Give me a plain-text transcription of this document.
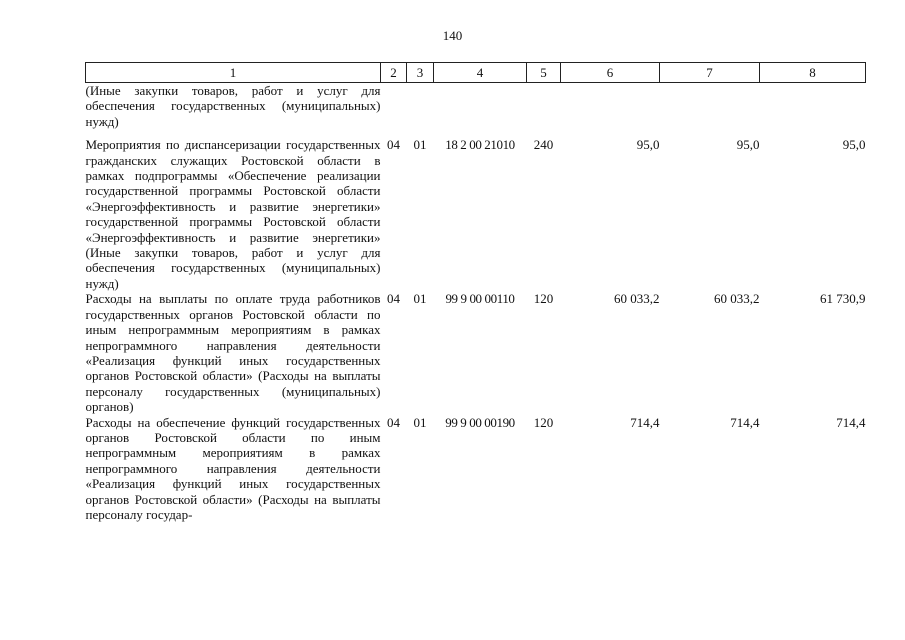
140
1	2	3	4	5	6	7	8
(Иные закупки товаров, работ и услуг для обеспечения государственных (муниципальных) нужд)							
Мероприятия по диспансеризации государственных гражданских служащих Ростовской области в рамках подпрограммы «Обеспечение реализации государственной программы Ростовской области «Энергоэффективность и развитие энергетики» государственной программы Ростовской области «Энергоэффективность и развитие энергетики» (Иные закупки товаров, работ и услуг для обеспечения государственных (муниципальных) нужд)	04	01	18 2 00 21010	240	95,0	95,0	95,0
Расходы на выплаты по оплате труда работников государственных органов Ростовской области по иным непрограммным мероприятиям в рамках непрограммного направления деятельности «Реализация функций иных государственных органов Ростовской области» (Расходы на выплаты персоналу государственных (муниципальных) органов)	04	01	99 9 00 00110	120	60 033,2	60 033,2	61 730,9
Расходы на обеспечение функций государственных органов Ростовской области по иным непрограммным мероприятиям в рамках непрограммного направления деятельности «Реализация функций иных государственных органов Ростовской области» (Расходы на выплаты персоналу государ-	04	01	99 9 00 00190	120	714,4	714,4	714,4
